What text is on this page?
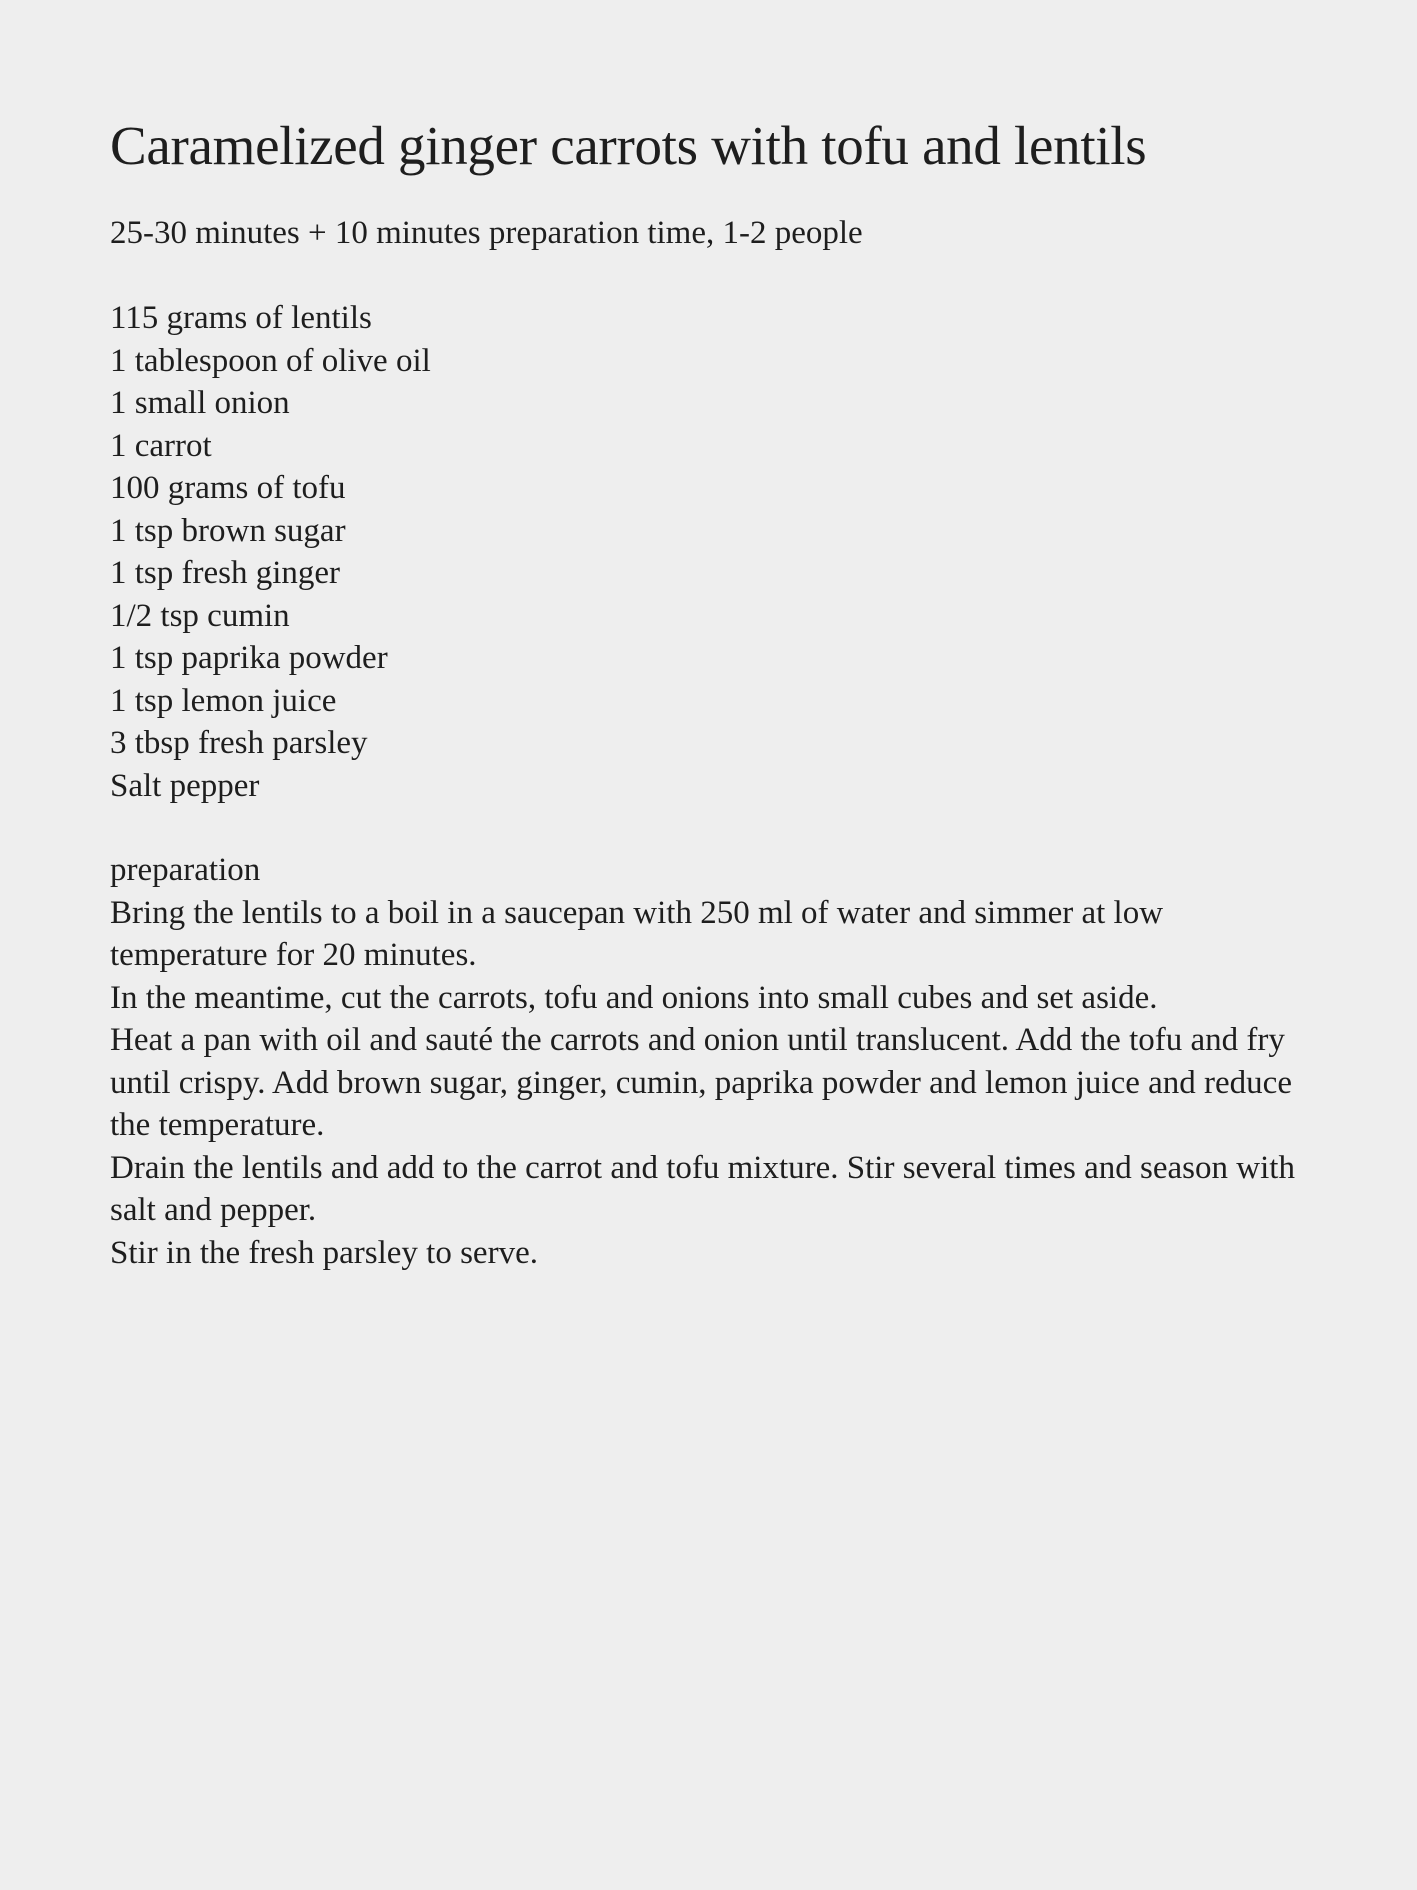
Caramelized ginger carrots with tofu and lentils

25-30 minutes + 10 minutes preparation time, 1-2 people

115 grams of lentils
1 tablespoon of olive oil
1 small onion
1 carrot
100 grams of tofu
1 tsp brown sugar
1 tsp fresh ginger
1/2 tsp cumin
1 tsp paprika powder
1 tsp lemon juice
3 tbsp fresh parsley
Salt pepper
preparation

Bring the lentils to a boil in a saucepan with 250 ml of water and simmer at low temperature for 20 minutes.

In the meantime, cut the carrots, tofu and onions into small cubes and set aside.

Heat a pan with oil and sauté the carrots and onion until translucent. Add the tofu and fry until crispy. Add brown sugar, ginger, cumin, paprika powder and lemon juice and reduce the temperature.

Drain the lentils and add to the carrot and tofu mixture. Stir several times and season with salt and pepper.

Stir in the fresh parsley to serve.
